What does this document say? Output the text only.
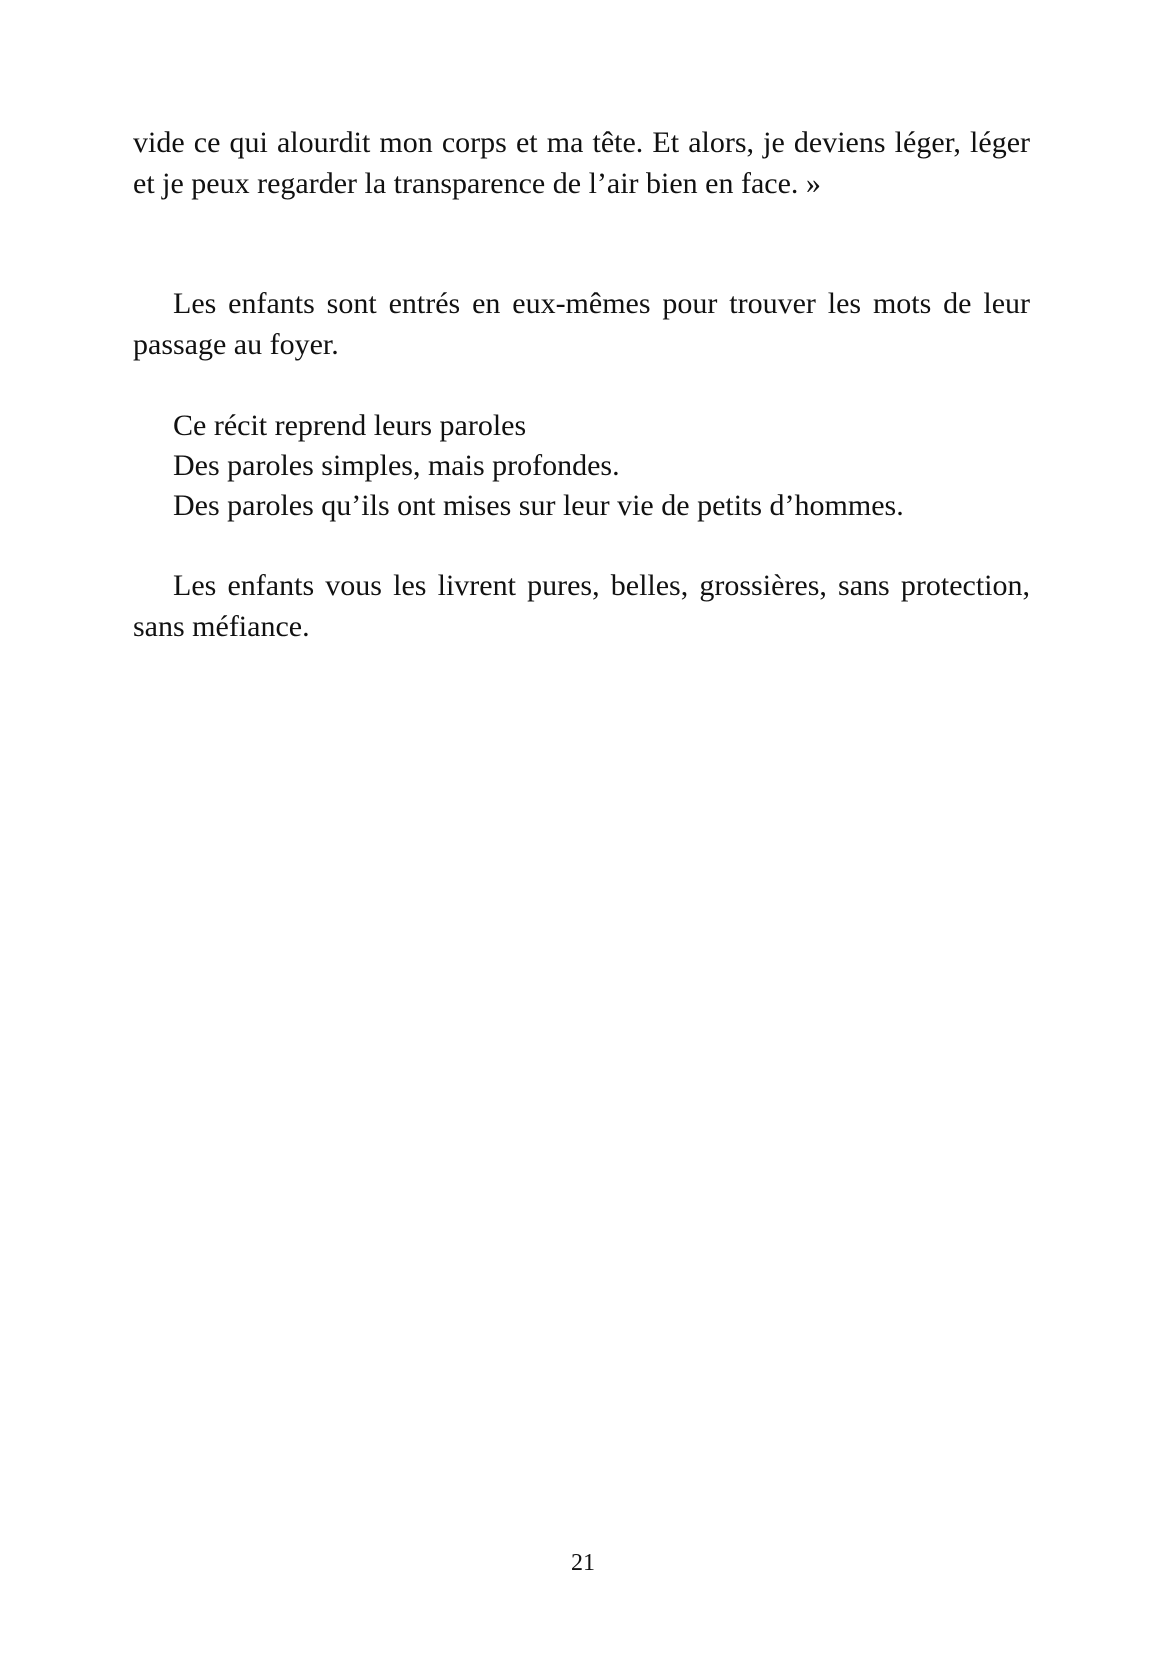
vide ce qui alourdit mon corps et ma tête. Et alors, je deviens léger, léger

et je peux regarder la transparence de l’air bien en face. »

Les enfants sont entrés en eux-mêmes pour trouver les mots de leur

passage au foyer.

Ce récit reprend leurs paroles
Des paroles simples, mais profondes.
Des paroles qu’ils ont mises sur leur vie de petits d’hommes.

Les enfants vous les livrent pures, belles, grossières, sans protection,

sans méfiance.

21
